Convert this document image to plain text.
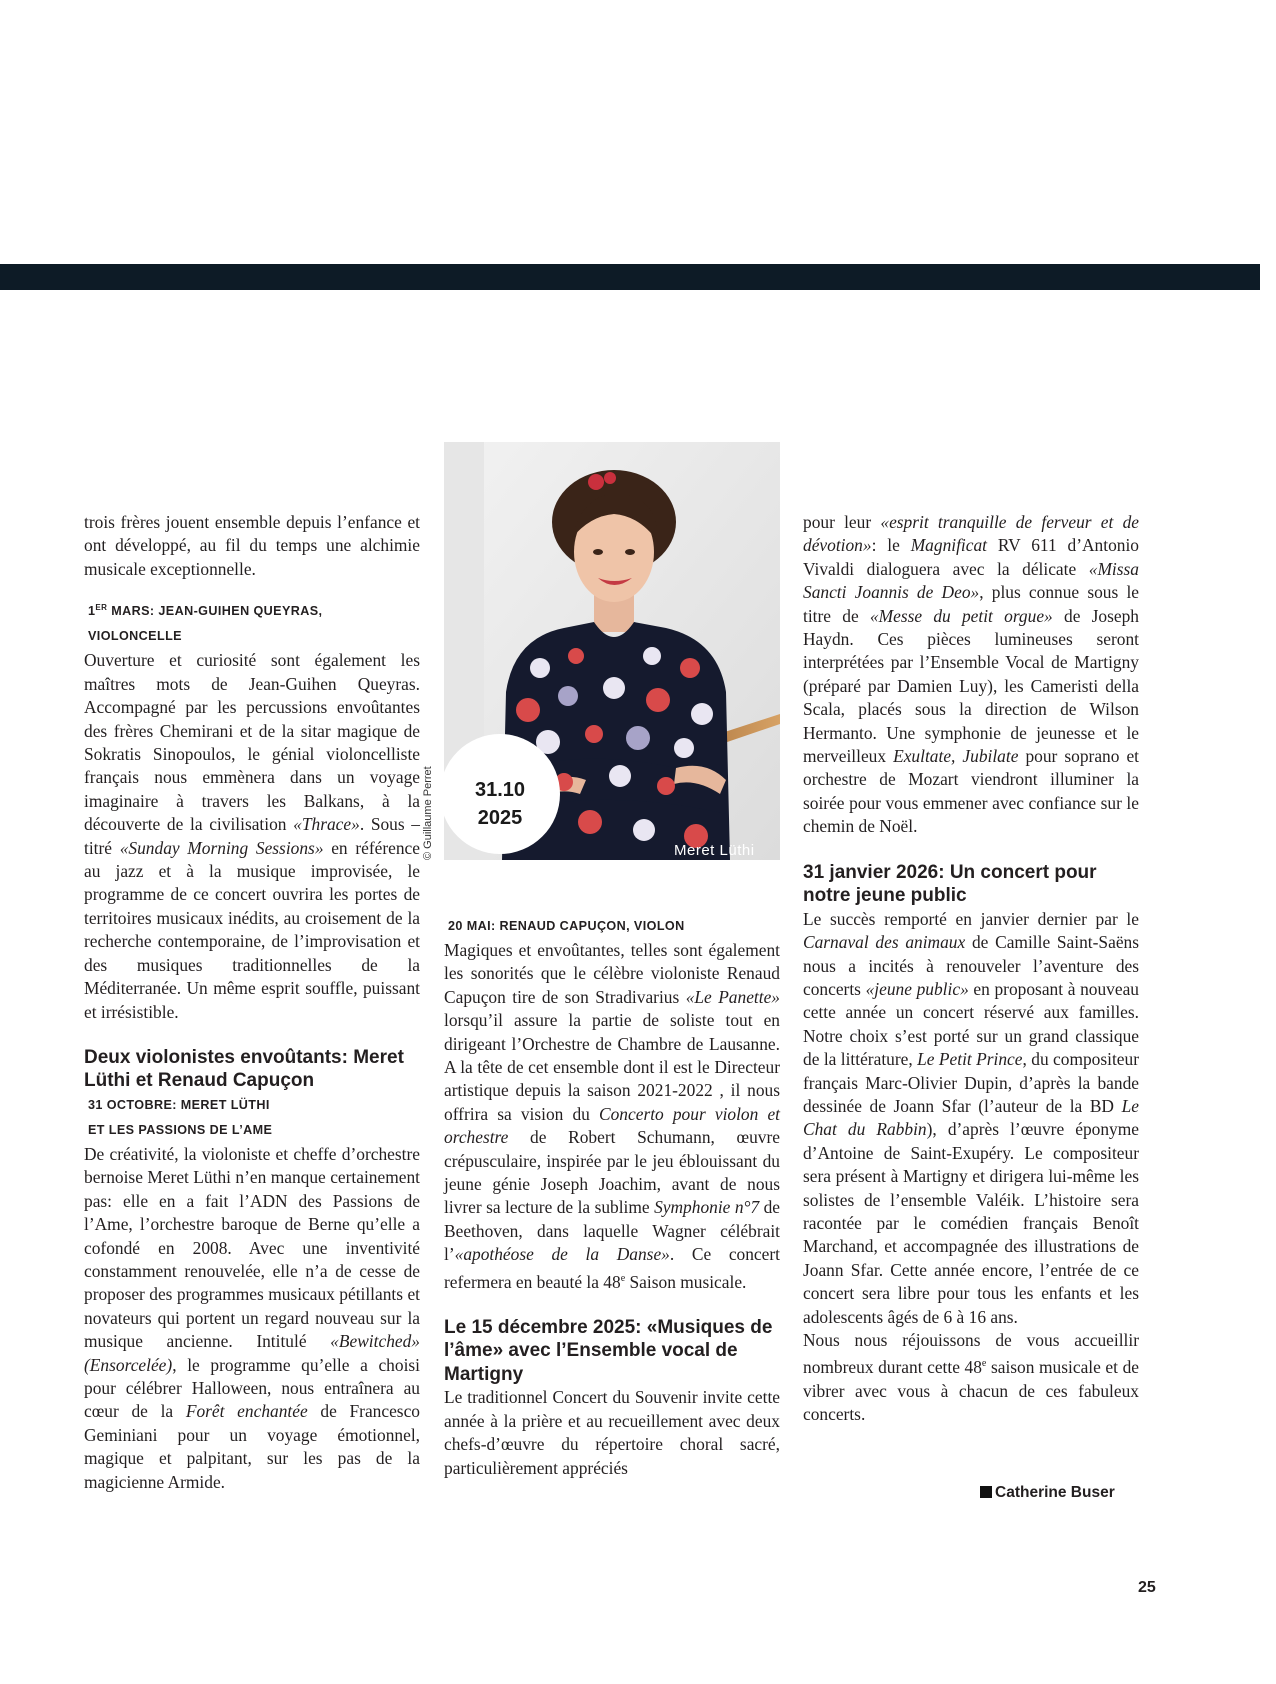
31.10
2025
Meret Lüthi
© Guillaume Perret

trois frères jouent ensemble depuis l’enfance et ont développé, au fil du temps une alchimie musicale exceptionnelle.

1ER MARS: JEAN-GUIHEN QUEYRAS,
VIOLONCELLE

Ouverture et curiosité sont également les maîtres mots de Jean-Guihen Queyras. Accompagné par les percussions envoûtantes des frères Chemirani et de la sitar magique de Sokratis Sinopoulos, le génial violoncelliste français nous emmènera dans un voyage imaginaire à travers les Balkans, à la découverte de la civilisation «Thrace». Sous –titré «Sunday Morning Sessions» en référence au jazz et à la musique improvisée, le programme de ce concert ouvrira les portes de territoires musicaux inédits, au croisement de la recherche contemporaine, de l’improvisation et des musiques traditionnelles de la Méditerranée. Un même esprit souffle, puissant et irrésistible.

Deux violonistes envoûtants: Meret Lüthi et Renaud Capuçon

31 OCTOBRE: MERET LÜTHI
ET LES PASSIONS DE L’AME

De créativité, la violoniste et cheffe d’orchestre bernoise Meret Lüthi n’en manque certainement pas: elle en a fait l’ADN des Passions de l’Ame, l’orchestre baroque de Berne qu’elle a cofondé en 2008. Avec une inventivité constamment renouvelée, elle n’a de cesse de proposer des programmes musicaux pétillants et novateurs qui portent un regard nouveau sur la musique ancienne. Intitulé «Bewitched» (Ensorcelée), le programme qu’elle a choisi pour célébrer Halloween, nous entraînera au cœur de la Forêt enchantée de Francesco Geminiani pour un voyage émotionnel, magique et palpitant, sur les pas de la magicienne Armide.

20 MAI: RENAUD CAPUÇON, VIOLON

Magiques et envoûtantes, telles sont également les sonorités que le célèbre violoniste Renaud Capuçon tire de son Stradivarius «Le Panette» lorsqu’il assure la partie de soliste tout en dirigeant l’Orchestre de Chambre de Lausanne. A la tête de cet ensemble dont il est le Directeur artistique depuis la saison 2021-2022 , il nous offrira sa vision du Concerto pour violon et orchestre de Robert Schumann, œuvre crépusculaire, inspirée par le jeu éblouissant du jeune génie Joseph Joachim, avant de nous livrer sa lecture de la sublime Symphonie n°7 de Beethoven, dans laquelle Wagner célébrait l’«apothéose de la Danse». Ce concert refermera en beauté la 48e Saison musicale.

Le 15 décembre 2025: «Musiques de l’âme» avec l’Ensemble vocal de Martigny

Le traditionnel Concert du Souvenir invite cette année à la prière et au recueillement avec deux chefs-d’œuvre du répertoire choral sacré, particulièrement appréciés

pour leur «esprit tranquille de ferveur et de dévotion»: le Magnificat RV 611 d’Antonio Vivaldi dialoguera avec la délicate «Missa Sancti Joannis de Deo», plus connue sous le titre de «Messe du petit orgue» de Joseph Haydn. Ces pièces lumineuses seront interprétées par l’Ensemble Vocal de Martigny (préparé par Damien Luy), les Cameristi della Scala, placés sous la direction de Wilson Hermanto. Une symphonie de jeunesse et le merveilleux Exultate, Jubilate pour soprano et orchestre de Mozart viendront illuminer la soirée pour vous emmener avec confiance sur le chemin de Noël.

31 janvier 2026: Un concert pour notre jeune public

Le succès remporté en janvier dernier par le Carnaval des animaux de Camille Saint-Saëns nous a incités à renouveler l’aventure des concerts «jeune public» en proposant à nouveau cette année un concert réservé aux familles. Notre choix s’est porté sur un grand classique de la littérature, Le Petit Prince, du compositeur français Marc-Olivier Dupin, d’après la bande dessinée de Joann Sfar (l’auteur de la BD Le Chat du Rabbin), d’après l’œuvre éponyme d’Antoine de Saint-Exupéry. Le compositeur sera présent à Martigny et dirigera lui-même les solistes de l’ensemble Valéik. L’histoire sera racontée par le comédien français Benoît Marchand, et accompagnée des illustrations de Joann Sfar. Cette année encore, l’entrée de ce concert sera libre pour tous les enfants et les adolescents âgés de 6 à 16 ans.

Nous nous réjouissons de vous accueillir nombreux durant cette 48e saison musicale et de vibrer avec vous à chacun de ces fabuleux concerts.

Catherine Buser
25
